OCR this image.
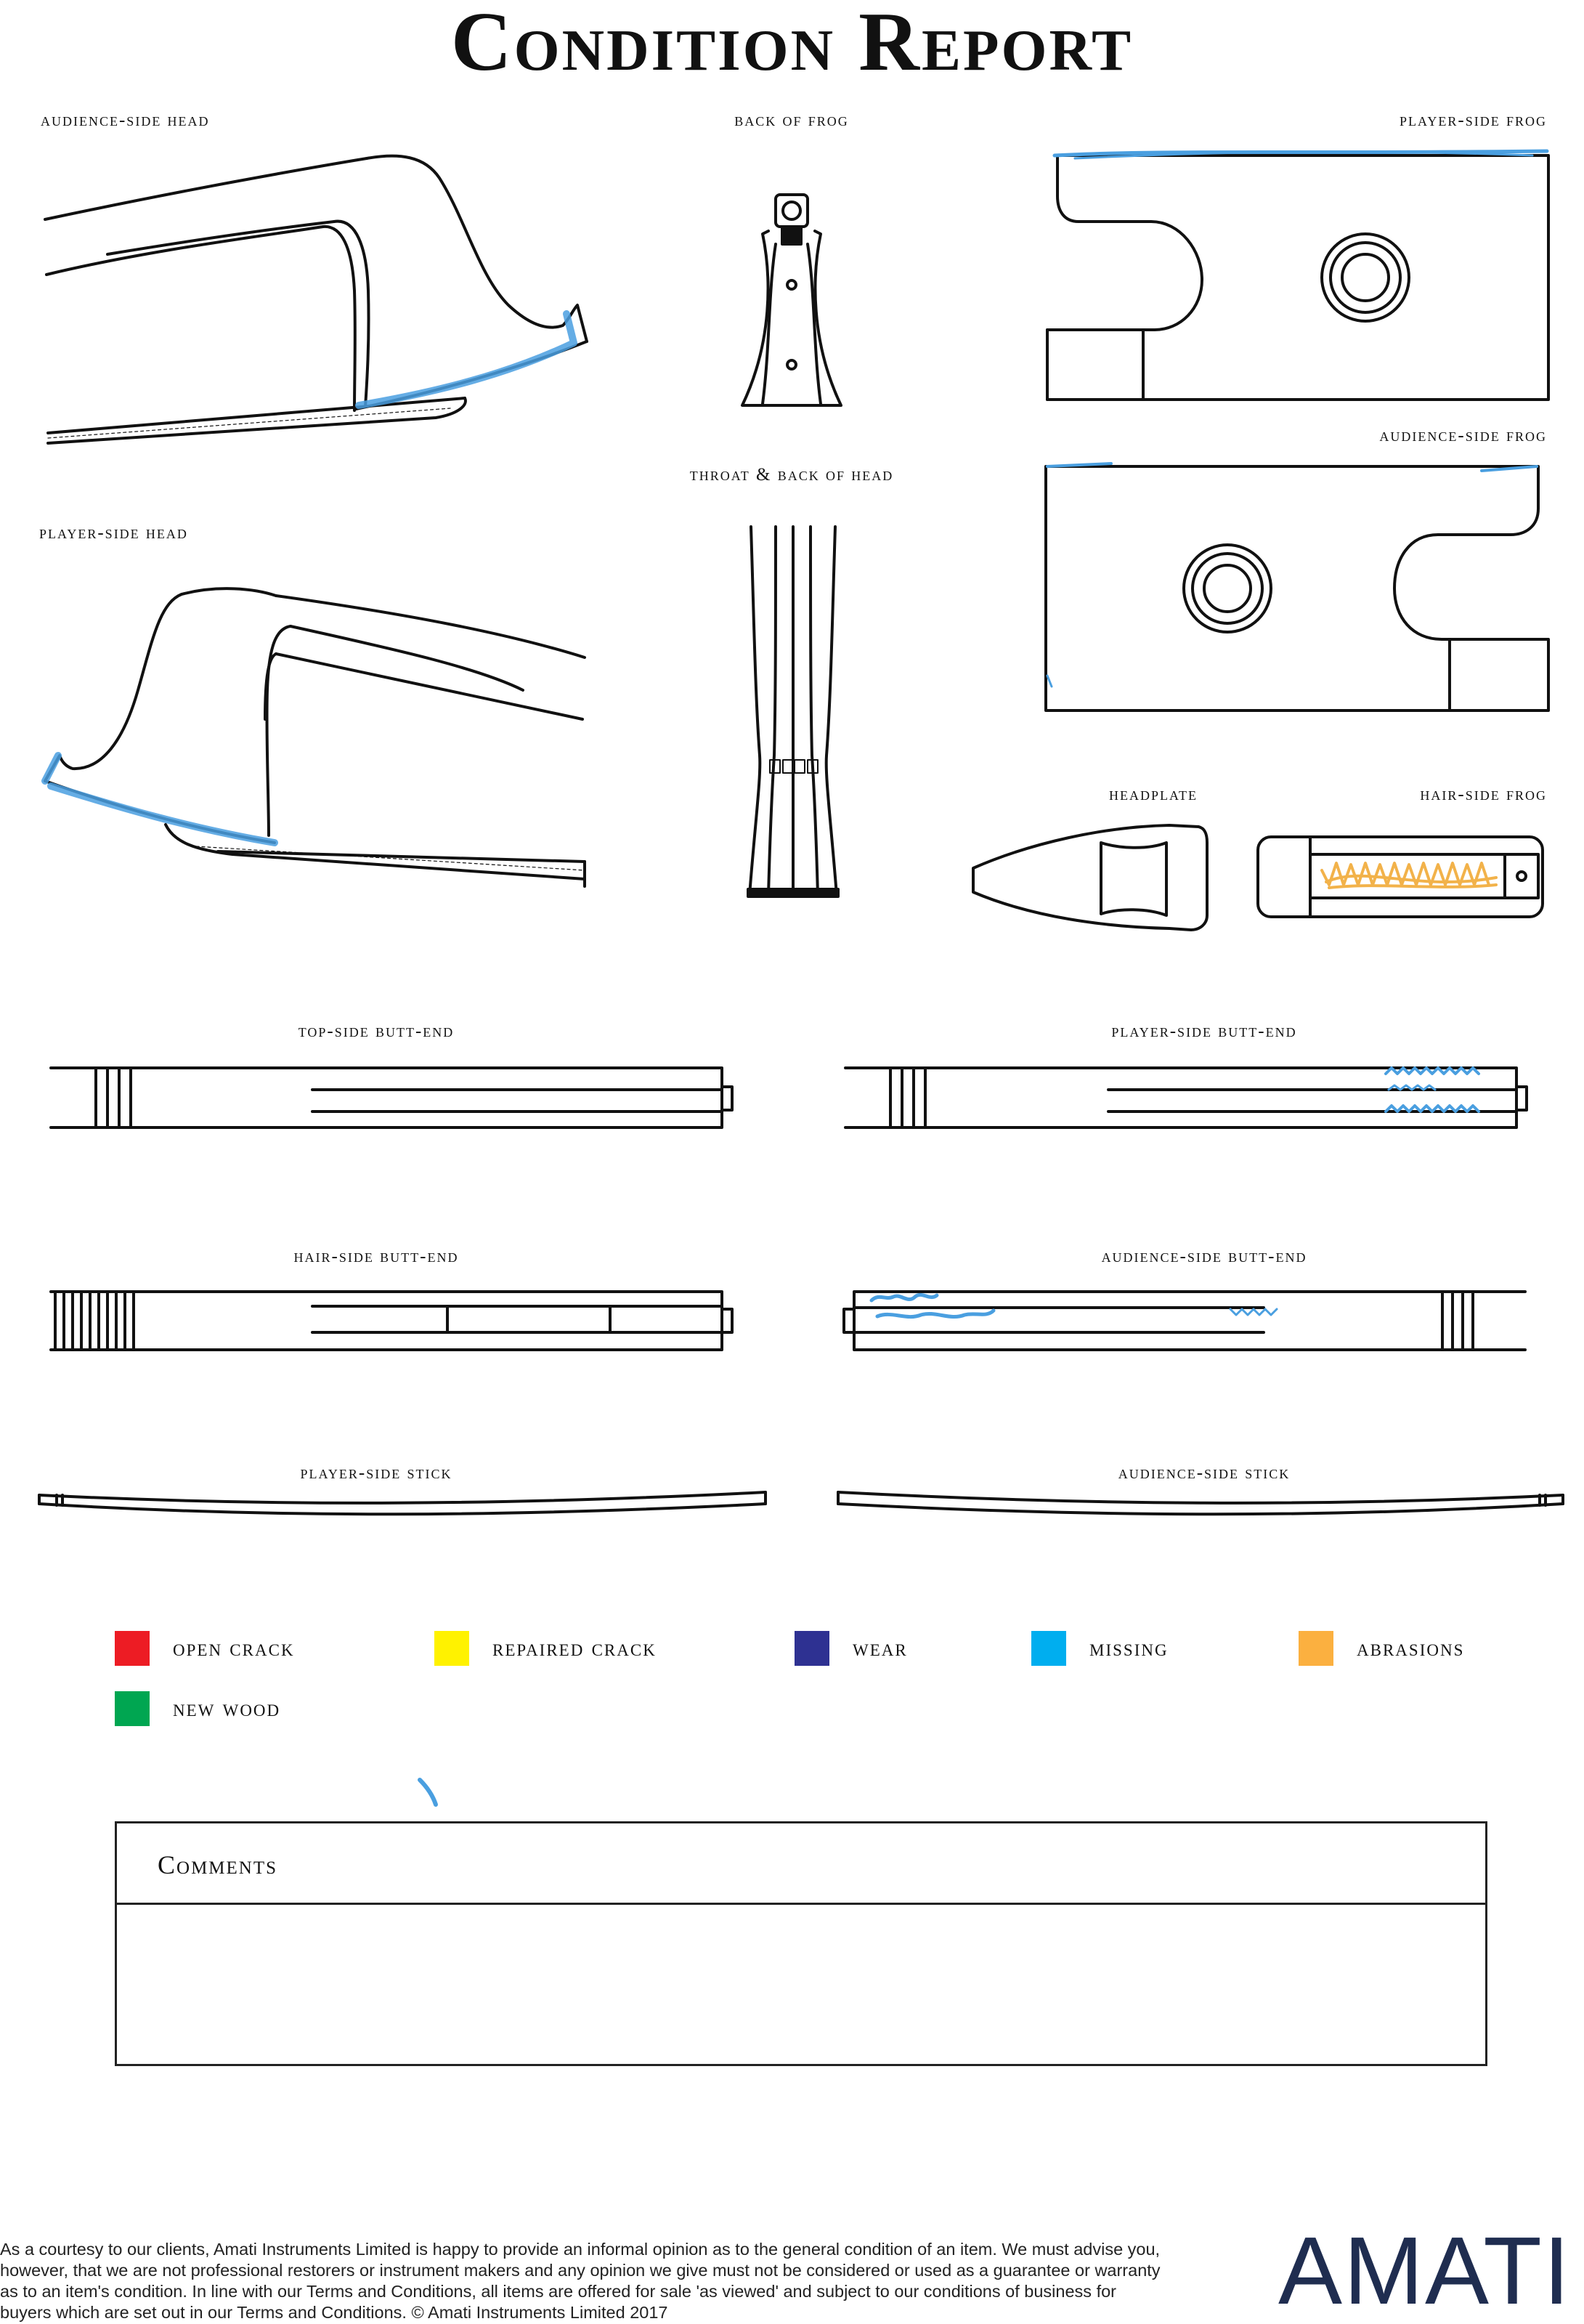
Condition Report
audience-side head	back of frog	player-side frog
throat & back of head
audience-side frog
player-side head
headplate	hair-side frog
top-side butt-end	player-side butt-end
hair-side butt-end	audience-side butt-end
player-side stick	audience-side stick
open crack	repaired crack	wear	missing	abrasions
new wood
Comments

As a courtesy to our clients, Amati Instruments Limited is happy to provide an informal opinion as to the general condition of an item. We must advise you, however, that we are not professional restorers or instrument makers and any opinion we give must not be considered or used as a guarantee or warranty as to an item's condition. In line with our Terms and Conditions, all items are offered for sale 'as viewed' and subject to our conditions of business for buyers which are set out in our Terms and Conditions. © Amati Instruments Limited 2017	AMATI
